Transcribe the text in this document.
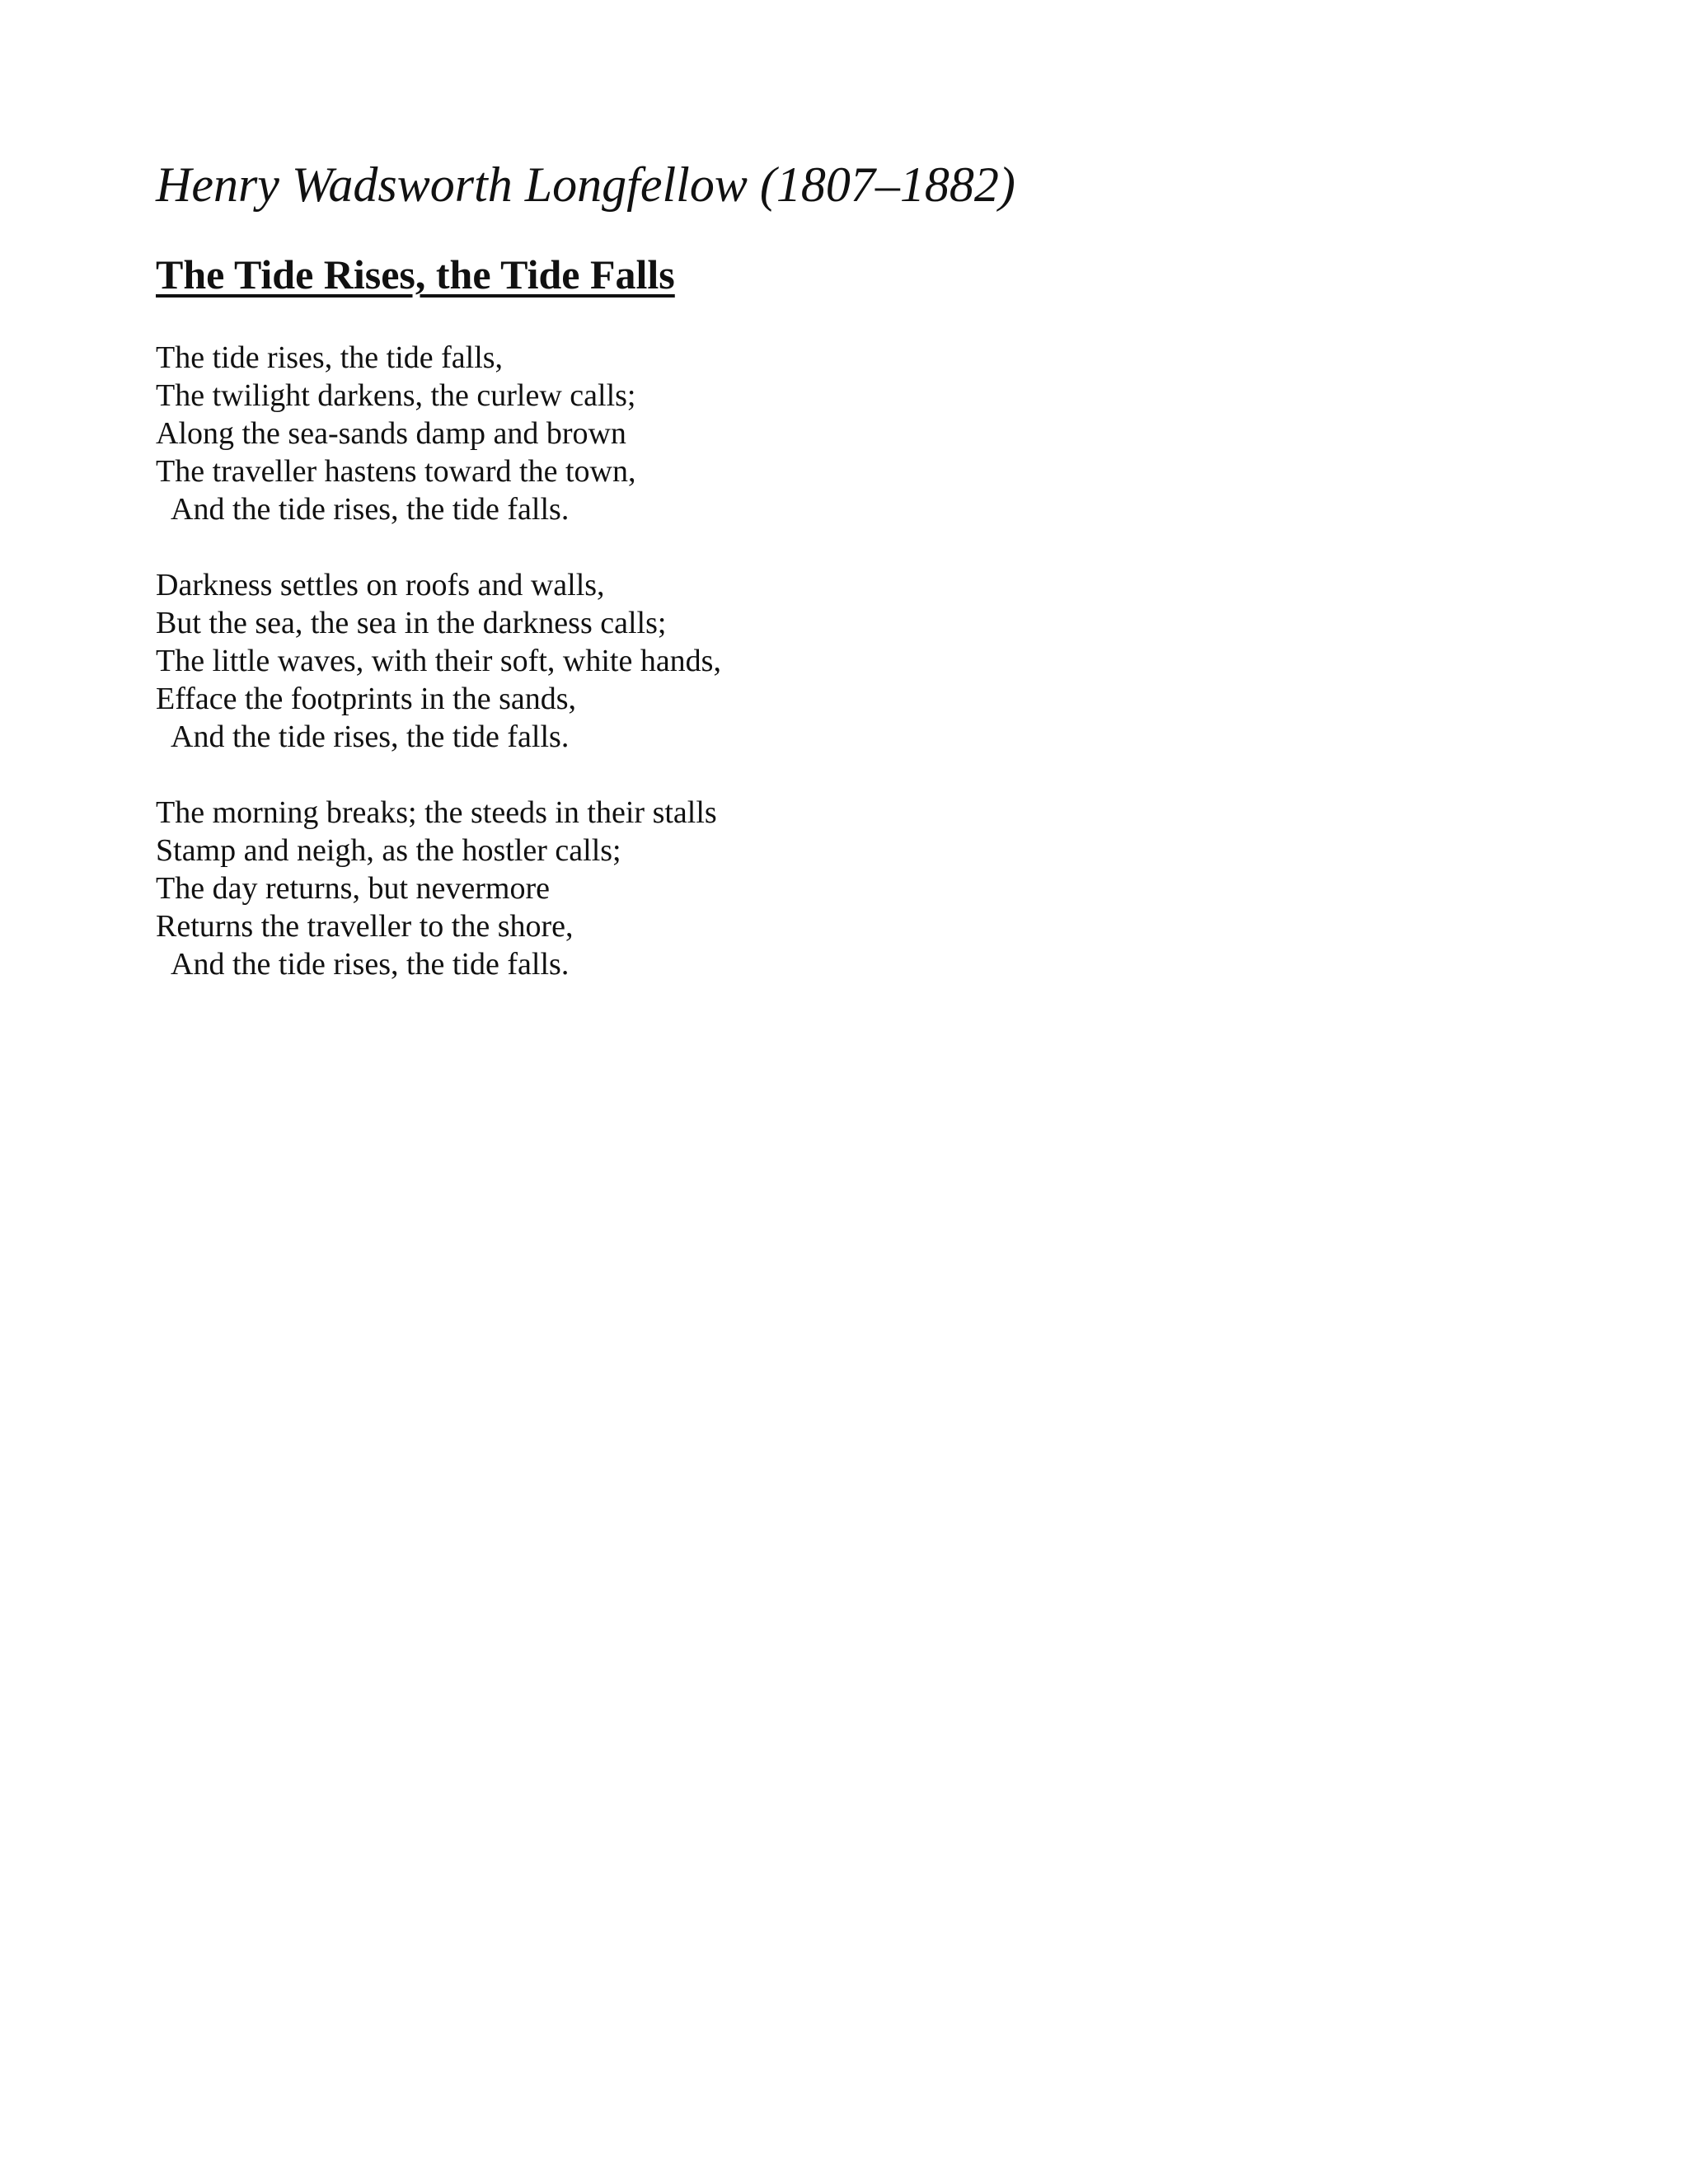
Henry Wadsworth Longfellow (1807–1882)
The Tide Rises, the Tide Falls
The tide rises, the tide falls,
The twilight darkens, the curlew calls;
Along the sea-sands damp and brown
The traveller hastens toward the town,
And the tide rises, the tide falls.
Darkness settles on roofs and walls,
But the sea, the sea in the darkness calls;
The little waves, with their soft, white hands,
Efface the footprints in the sands,
And the tide rises, the tide falls.
The morning breaks; the steeds in their stalls
Stamp and neigh, as the hostler calls;
The day returns, but nevermore
Returns the traveller to the shore,
And the tide rises, the tide falls.
